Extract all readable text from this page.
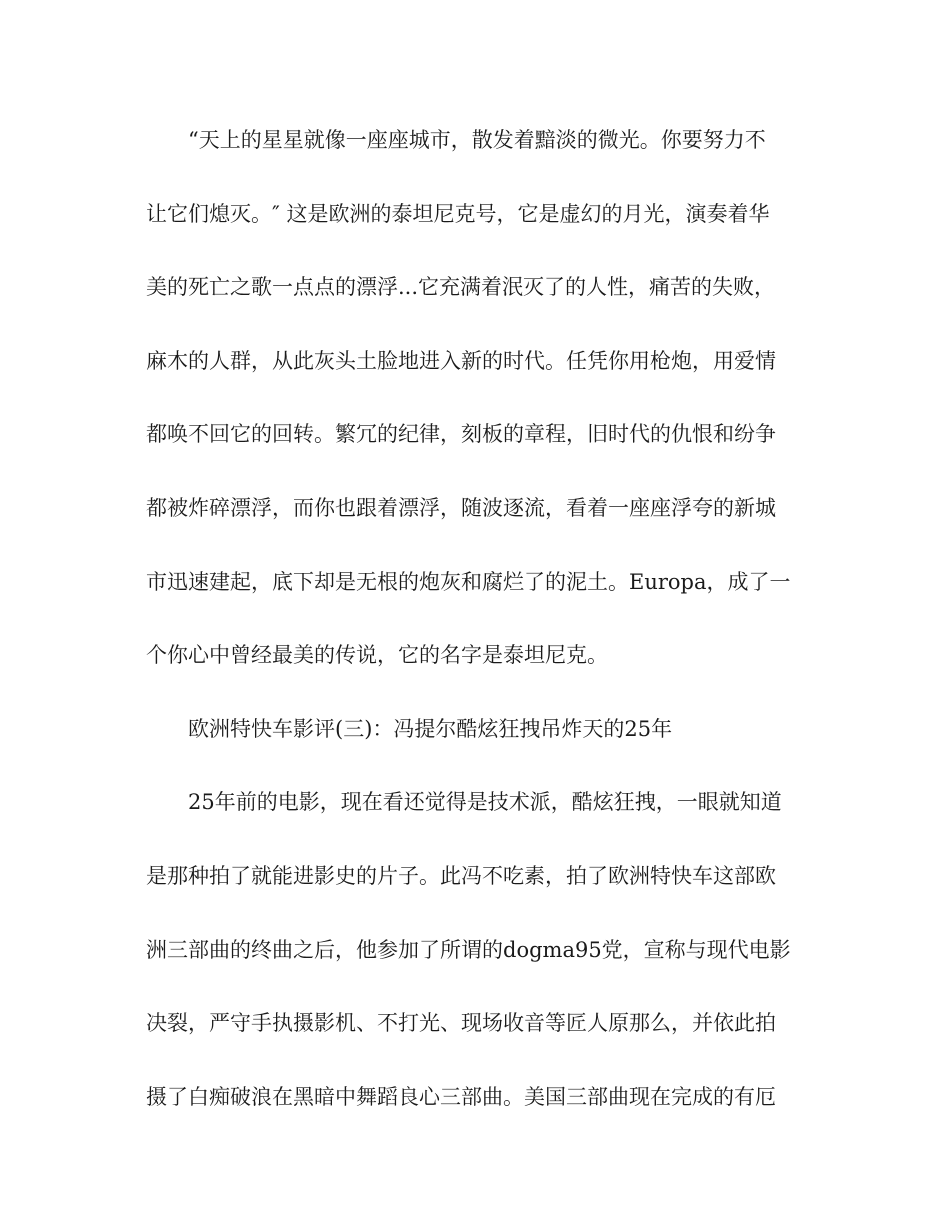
“天上的星星就像一座座城市，散发着黯淡的微光。你要努力不
让它们熄灭。″ 这是欧洲的泰坦尼克号，它是虚幻的月光，演奏着华
美的死亡之歌一点点的漂浮...它充满着泯灭了的人性，痛苦的失败，
麻木的人群，从此灰头土脸地进入新的时代。任凭你用枪炮，用爱情
都唤不回它的回转。繁冗的纪律，刻板的章程，旧时代的仇恨和纷争
都被炸碎漂浮，而你也跟着漂浮，随波逐流，看着一座座浮夸的新城
市迅速建起，底下却是无根的炮灰和腐烂了的泥土。Europa，成了一
个你心中曾经最美的传说，它的名字是泰坦尼克。
欧洲特快车影评(三)：冯提尔酷炫狂拽吊炸天的25年
25年前的电影，现在看还觉得是技术派，酷炫狂拽，一眼就知道
是那种拍了就能进影史的片子。此冯不吃素，拍了欧洲特快车这部欧
洲三部曲的终曲之后，他参加了所谓的dogma95党，宣称与现代电影
决裂，严守手执摄影机、不打光、现场收音等匠人原那么，并依此拍
摄了白痴破浪在黑暗中舞蹈良心三部曲。美国三部曲现在完成的有厄
